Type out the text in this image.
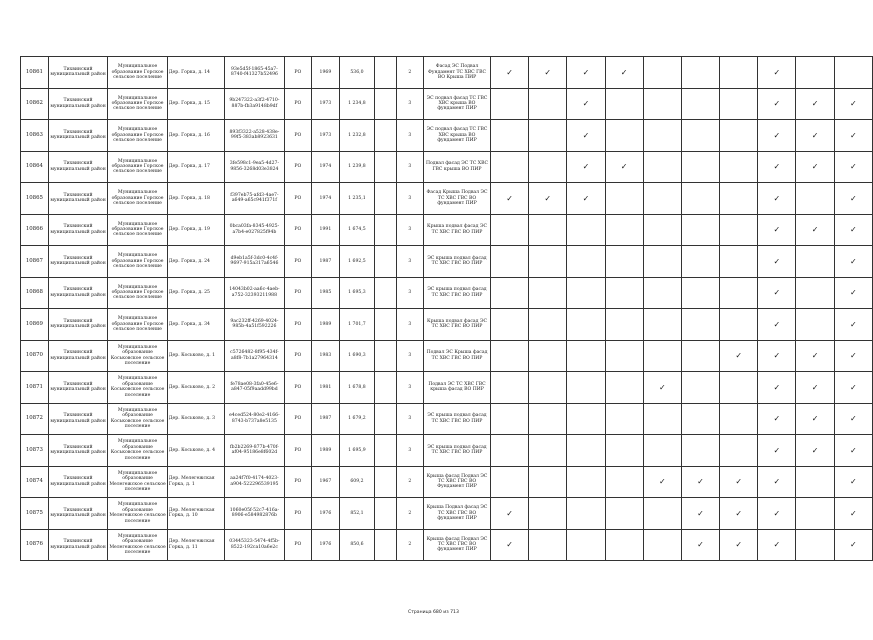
10861	Тихвинский муниципальный район	Муниципальное образование Горское сельское поселение	Дер. Горка, д. 14	93e5d5f-1865-45a7-8740-f41327b52496	РО	1969	536,0		2	Фасад ЭС Подвал Фундамент ТС ХВС ГВС ВО Крыша ПИР	✓	✓	✓	✓				✓		
10862	Тихвинский муниципальный район	Муниципальное образование Горское сельское поселение	Дер. Горка, д. 15	9b247322-a3f2-4710-887b-fb3a9148b9df	РО	1973	1 234,8		3	ЭС подвал фасад ТС ГВС ХВС крыша ВО фундамент ПИР			✓					✓	✓	✓
10863	Тихвинский муниципальный район	Муниципальное образование Горское сельское поселение	Дер. Горка, д. 16	893f3322-a528-438e-99f5-383ab8923631	РО	1973	1 232,8		3	ЭС подвал фасад ТС ГВС ХВС крыша ВО фундамент ПИР			✓					✓	✓	✓
10864	Тихвинский муниципальный район	Муниципальное образование Горское сельское поселение	Дер. Горка, д. 17	3fe598c1-9ea5-4d27-9856-3268d03e3824	РО	1974	1 239,8		3	Подвал фасад ЭС ТС ХВС ГВС крыша ВО ПИР			✓	✓				✓	✓	✓
10865	Тихвинский муниципальный район	Муниципальное образование Горское сельское поселение	Дер. Горка, д. 18	f397eb75-afd3-4ae7-a649-a65c941f371f	РО	1974	1 235,1		3	Фасад Крыша Подвал ЭС ТС ХВС ГВС ВО фундамент ПИР	✓	✓	✓					✓		✓
10866	Тихвинский муниципальный район	Муниципальное образование Горское сельское поселение	Дер. Горка, д. 19	0bca03fa-8345-4925-a7b4-e027825f94b	РО	1991	1 674,5		3	Крыша подвал фасад ЭС ТС ХВС ГВС ВО ПИР								✓	✓	✓
10867	Тихвинский муниципальный район	Муниципальное образование Горское сельское поселение	Дер. Горка, д. 24	d9eb1a5f-3dc0-4c4f-9697-915a317a6546	РО	1987	1 692,5		3	ЭС крыша подвал фасад ТС ХВС ГВС ВО ПИР								✓		✓
10868	Тихвинский муниципальный район	Муниципальное образование Горское сельское поселение	Дер. Горка, д. 25	14043b02-aa6c-4aeb-a752-32393211988	РО	1985	1 695,3		3	ЭС крыша подвал фасад ТС ХВС ГВС ВО ПИР								✓		✓
10869	Тихвинский муниципальный район	Муниципальное образование Горское сельское поселение	Дер. Горка, д. 34	9ac232ff-4269-4024-985b-4a51f592226	РО	1989	1 701,7		3	Крыша подвал фасад ЭС ТС ХВС ГВС ВО ПИР								✓		✓
10870	Тихвинский муниципальный район	Муниципальное образование Коськовское сельское поселение	Дер. Коськово, д. 1	c5726482-8f95-434f-a8f8-7b1a27964314	РО	1983	1 690,3		3	Подвал ЭС Крыша фасад ТС ХВС ГВС ВО ПИР							✓	✓	✓	✓
10871	Тихвинский муниципальный район	Муниципальное образование Коськовское сельское поселение	Дер. Коськово, д. 2	fe78ae08-3fa0-45e6-a847-05f9aadd99bd	РО	1981	1 678,8		3	Подвал ЭС ТС ХВС ГВС крыша фасад ВО ПИР					✓			✓	✓	✓
10872	Тихвинский муниципальный район	Муниципальное образование Коськовское сельское поселение	Дер. Коськово, д. 3	e4ced524-80e2-4166-8743-b737a8e5135	РО	1987	1 679,2		3	ЭС крыша подвал фасад ТС ХВС ГВС ВО ПИР								✓	✓	✓
10873	Тихвинский муниципальный район	Муниципальное образование Коськовское сельское поселение	Дер. Коськово, д. 4	fb2b2269-877b-470f-af04-95186e8f602d	РО	1989	1 695,9		3	ЭС крыша подвал фасад ТС ХВС ГВС ВО ПИР								✓	✓	✓
10874	Тихвинский муниципальный район	Муниципальное образование Мелегежское сельское поселение	Дер. Мелегежская Горка, д. 1	aa24f7f0-4174-4023-a904-522296539195	РО	1967	609,2		2	Крыша фасад Подвал ЭС ТС ХВС ГВС ВО Фундамент ПИР					✓	✓	✓	✓		✓
10875	Тихвинский муниципальный район	Муниципальное образование Мелегежское сельское поселение	Дер. Мелегежская Горка, д. 10	1060e05f-52c7-416a-8906-e584982876b	РО	1976	852,1		2	Крыша Подвал фасад ЭС ТС ХВС ГВС ВО фундамент ПИР	✓					✓	✓	✓		✓
10876	Тихвинский муниципальный район	Муниципальное образование Мелегежское сельское поселение	Дер. Мелегежская Горка, д. 11	03445323-5474-4f5b-8522-192ca10a6e2c	РО	1976	850,6		2	Крыша фасад Подвал ЭС ТС ХВС ГВС ВО фундамент ПИР	✓					✓	✓	✓		✓
Страница 680 из 713
